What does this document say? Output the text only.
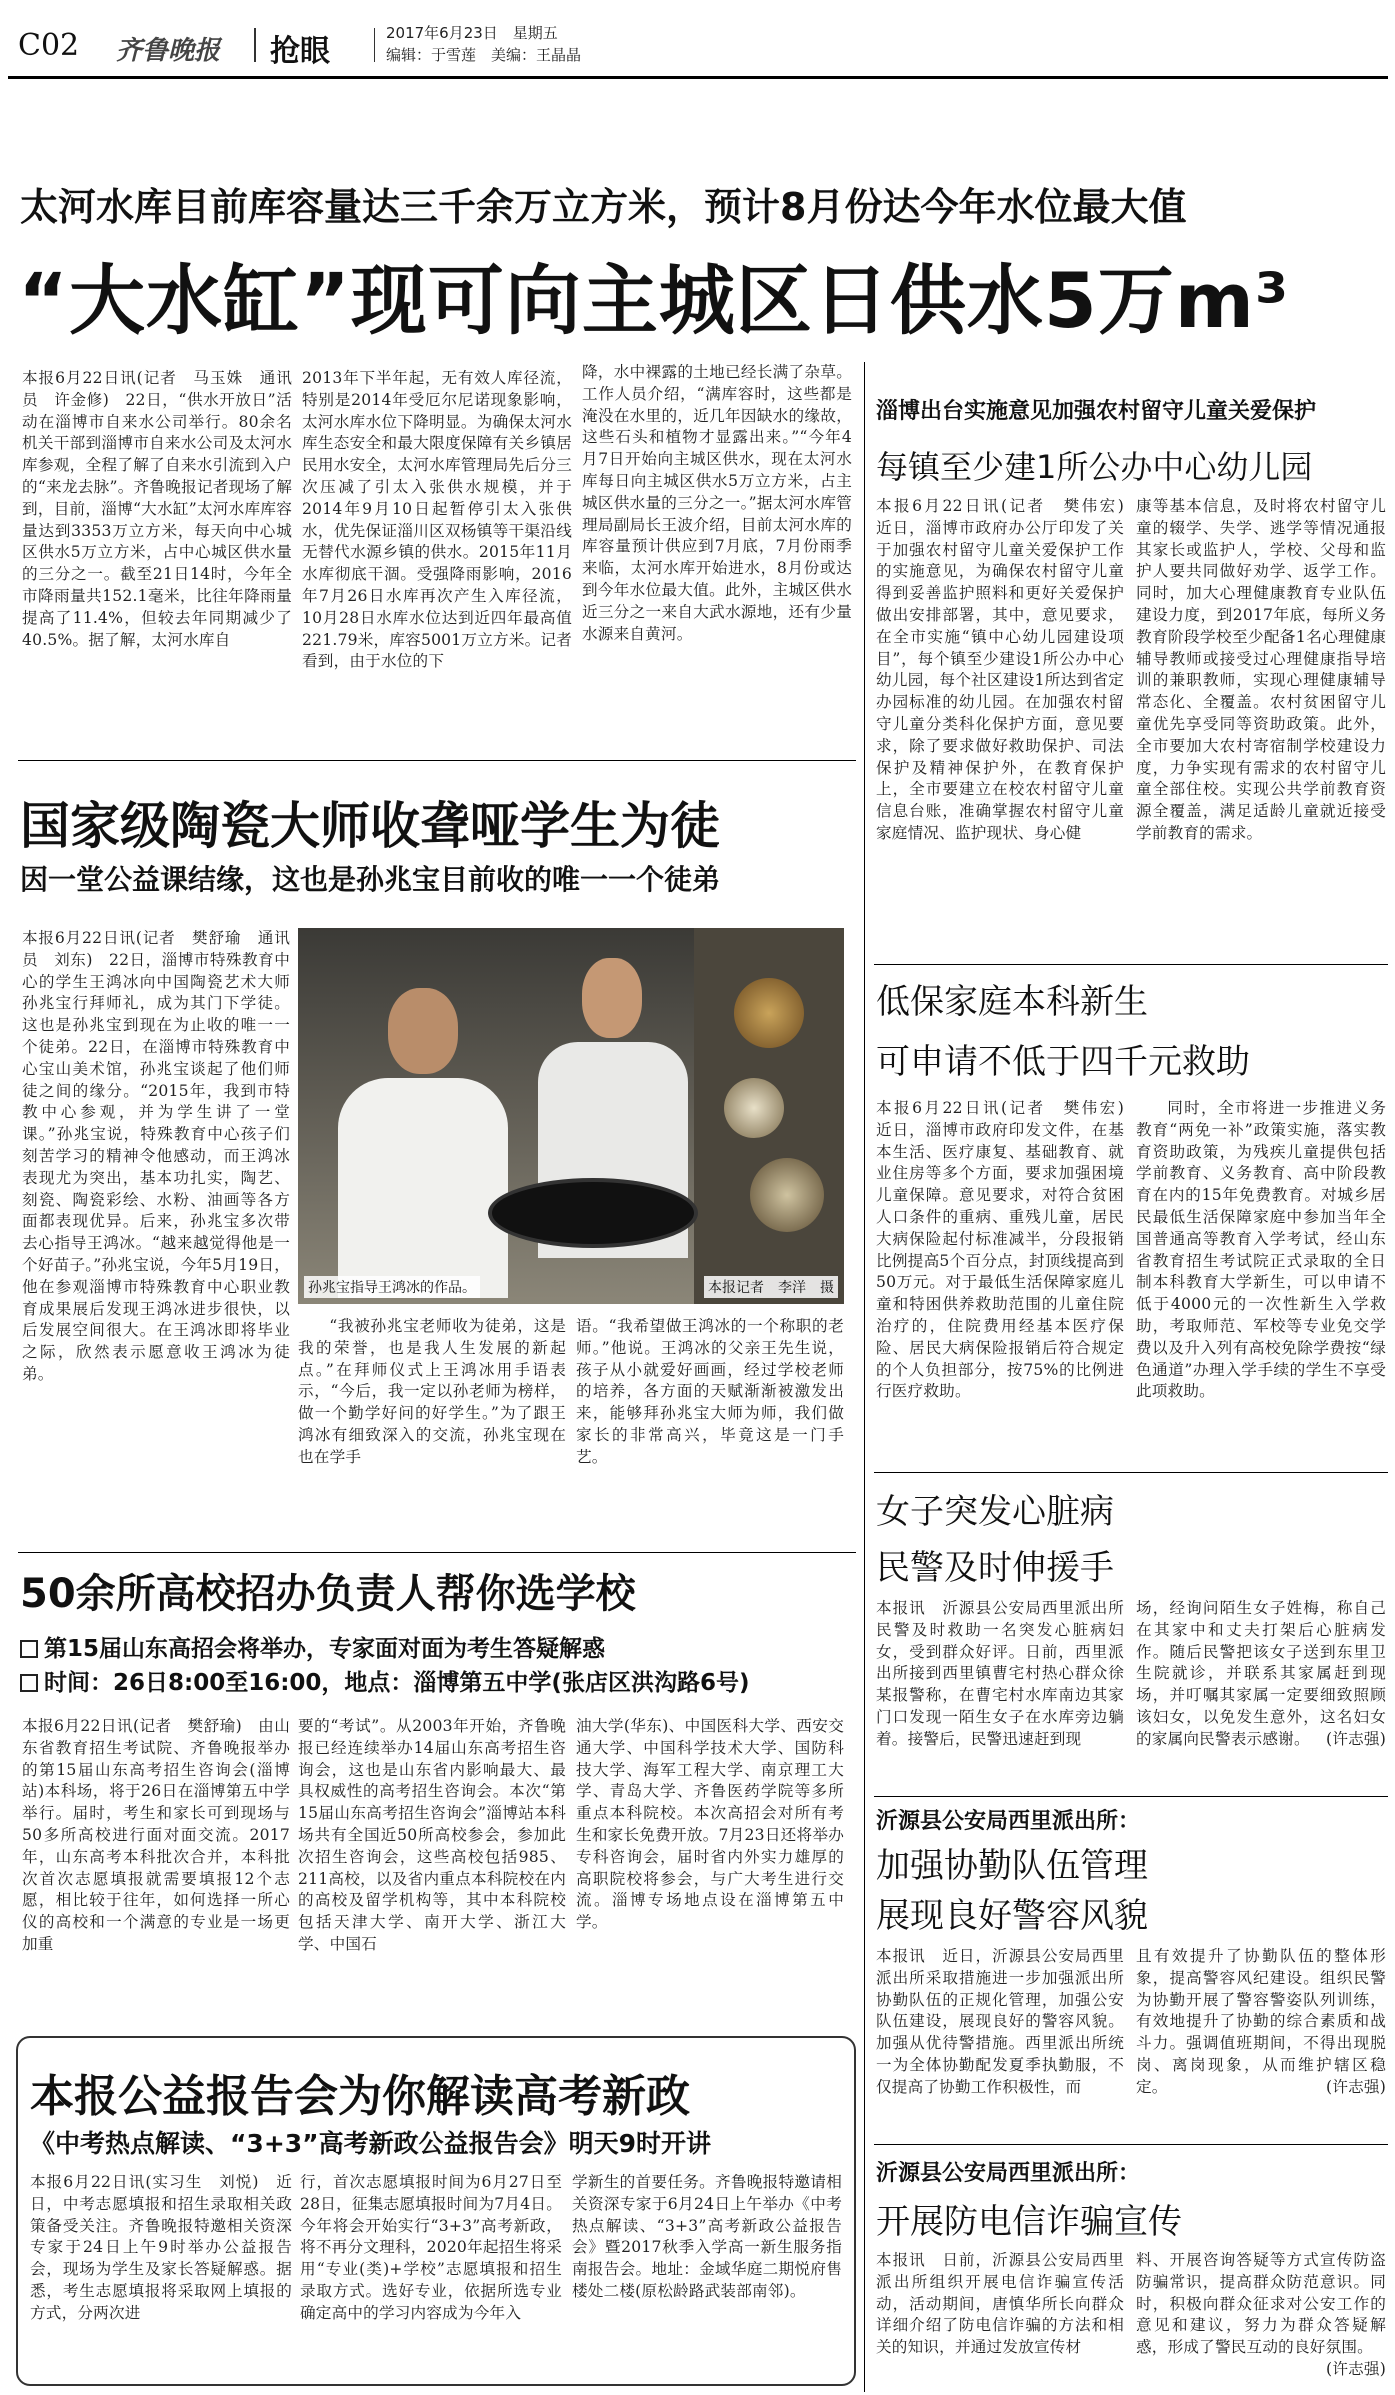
C02 齐鲁晚报 抢眼
2017年6月23日　星期五
编辑：于雪莲　美编：王晶晶
太河水库目前库容量达三千余万立方米，预计8月份达今年水位最大值
“大水缸”现可向主城区日供水5万m³

本报6月22日讯(记者　马玉姝　通讯员　许金修)　22日，“供水开放日”活动在淄博市自来水公司举行。80余名机关干部到淄博市自来水公司及太河水库参观，全程了解了自来水引流到入户的“来龙去脉”。齐鲁晚报记者现场了解到，目前，淄博“大水缸”太河水库库容量达到3353万立方米，每天向中心城区供水5万立方米，占中心城区供水量的三分之一。截至21日14时，今年全市降雨量共152.1毫米，比往年降雨量提高了11.4%，但较去年同期减少了40.5%。据了解，太河水库自

2013年下半年起，无有效人库径流，特别是2014年受厄尔尼诺现象影响，太河水库水位下降明显。为确保太河水库生态安全和最大限度保障有关乡镇居民用水安全，太河水库管理局先后分三次压减了引太入张供水规模，并于2014年9月10日起暂停引太入张供水，优先保证淄川区双杨镇等干渠沿线无替代水源乡镇的供水。2015年11月水库彻底干涸。受强降雨影响，2016年7月26日水库再次产生入库径流，10月28日水库水位达到近四年最高值221.79米，库容5001万立方米。记者看到，由于水位的下

降，水中裸露的土地已经长满了杂草。工作人员介绍，“满库容时，这些都是淹没在水里的，近几年因缺水的缘故，这些石头和植物才显露出来。”“今年4月7日开始向主城区供水，现在太河水库每日向主城区供水5万立方米，占主城区供水量的三分之一。”据太河水库管理局副局长王波介绍，目前太河水库的库容量预计供应到7月底，7月份雨季来临，太河水库开始进水，8月份或达到今年水位最大值。此外，主城区供水近三分之一来自大武水源地，还有少量水源来自黄河。

国家级陶瓷大师收聋哑学生为徒
因一堂公益课结缘，这也是孙兆宝目前收的唯一一个徒弟

本报6月22日讯(记者　樊舒瑜　通讯员　刘东)　22日，淄博市特殊教育中心的学生王鸿冰向中国陶瓷艺术大师孙兆宝行拜师礼，成为其门下学徒。这也是孙兆宝到现在为止收的唯一一个徒弟。22日，在淄博市特殊教育中心宝山美术馆，孙兆宝谈起了他们师徒之间的缘分。“2015年，我到市特教中心参观，并为学生讲了一堂课。”孙兆宝说，特殊教育中心孩子们刻苦学习的精神令他感动，而王鸿冰表现尤为突出，基本功扎实，陶艺、刻瓷、陶瓷彩绘、水粉、油画等各方面都表现优异。后来，孙兆宝多次带去心指导王鸿冰。“越来越觉得他是一个好苗子。”孙兆宝说，今年5月19日，他在参观淄博市特殊教育中心职业教育成果展后发现王鸿冰进步很快，以后发展空间很大。在王鸿冰即将毕业之际，欣然表示愿意收王鸿冰为徒弟。

孙兆宝指导王鸿冰的作品。	本报记者　李洋　摄

“我被孙兆宝老师收为徒弟，这是我的荣誉，也是我人生发展的新起点。”在拜师仪式上王鸿冰用手语表示，“今后，我一定以孙老师为榜样，做一个勤学好问的好学生。”为了跟王鸿冰有细致深入的交流，孙兆宝现在也在学手

语。“我希望做王鸿冰的一个称职的老师。”他说。王鸿冰的父亲王先生说，孩子从小就爱好画画，经过学校老师的培养，各方面的天赋渐渐被激发出来，能够拜孙兆宝大师为师，我们做家长的非常高兴，毕竟这是一门手艺。

50余所高校招办负责人帮你选学校
第15届山东高招会将举办，专家面对面为考生答疑解惑
时间：26日8:00至16:00，地点：淄博第五中学(张店区洪沟路6号)

本报6月22日讯(记者　樊舒瑜)　由山东省教育招生考试院、齐鲁晚报举办的第15届山东高考招生咨询会(淄博站)本科场，将于26日在淄博第五中学举行。届时，考生和家长可到现场与50多所高校进行面对面交流。2017年，山东高考本科批次合并，本科批次首次志愿填报就需要填报12个志愿，相比较于往年，如何选择一所心仪的高校和一个满意的专业是一场更加重

要的“考试”。从2003年开始，齐鲁晚报已经连续举办14届山东高考招生咨询会，这也是山东省内影响最大、最具权威性的高考招生咨询会。本次“第15届山东高考招生咨询会”淄博站本科场共有全国近50所高校参会，参加此次招生咨询会，这些高校包括985、211高校，以及省内重点本科院校在内的高校及留学机构等，其中本科院校包括天津大学、南开大学、浙江大学、中国石

油大学(华东)、中国医科大学、西安交通大学、中国科学技术大学、国防科技大学、海军工程大学、南京理工大学、青岛大学、齐鲁医药学院等多所重点本科院校。本次高招会对所有考生和家长免费开放。7月23日还将举办专科咨询会，届时省内外实力雄厚的高职院校将参会，与广大考生进行交流。淄博专场地点设在淄博第五中学。

本报公益报告会为你解读高考新政
《中考热点解读、“3+3”高考新政公益报告会》明天9时开讲

本报6月22日讯(实习生　刘悦)　近日，中考志愿填报和招生录取相关政策备受关注。齐鲁晚报特邀相关资深专家于24日上午9时举办公益报告会，现场为学生及家长答疑解惑。据悉，考生志愿填报将采取网上填报的方式，分两次进

行，首次志愿填报时间为6月27日至28日，征集志愿填报时间为7月4日。今年将会开始实行“3+3”高考新政，将不再分文理科，2020年起招生将采用“专业(类)+学校”志愿填报和招生录取方式。选好专业，依据所选专业确定高中的学习内容成为今年入

学新生的首要任务。齐鲁晚报特邀请相关资深专家于6月24日上午举办《中考热点解读、“3+3”高考新政公益报告会》暨2017秋季入学高一新生服务指南报告会。地址：金域华庭二期悦府售楼处二楼(原松龄路武装部南邻)。

淄博出台实施意见加强农村留守儿童关爱保护
每镇至少建1所公办中心幼儿园

本报6月22日讯(记者　樊伟宏)　近日，淄博市政府办公厅印发了关于加强农村留守儿童关爱保护工作的实施意见，为确保农村留守儿童得到妥善监护照料和更好关爱保护做出安排部署，其中，意见要求，在全市实施“镇中心幼儿园建设项目”，每个镇至少建设1所公办中心幼儿园，每个社区建设1所达到省定办园标准的幼儿园。在加强农村留守儿童分类科化保护方面，意见要求，除了要求做好救助保护、司法保护及精神保护外，在教育保护上，全市要建立在校农村留守儿童信息台账，准确掌握农村留守儿童家庭情况、监护现状、身心健

康等基本信息，及时将农村留守儿童的辍学、失学、逃学等情况通报其家长或监护人，学校、父母和监护人要共同做好劝学、返学工作。同时，加大心理健康教育专业队伍建设力度，到2017年底，每所义务教育阶段学校至少配备1名心理健康辅导教师或接受过心理健康指导培训的兼职教师，实现心理健康辅导常态化、全覆盖。农村贫困留守儿童优先享受同等资助政策。此外，全市要加大农村寄宿制学校建设力度，力争实现有需求的农村留守儿童全部住校。实现公共学前教育资源全覆盖，满足适龄儿童就近接受学前教育的需求。

低保家庭本科新生
可申请不低于四千元救助

本报6月22日讯(记者　樊伟宏)　近日，淄博市政府印发文件，在基本生活、医疗康复、基础教育、就业住房等多个方面，要求加强困境儿童保障。意见要求，对符合贫困人口条件的重病、重残儿童，居民大病保险起付标准减半，分段报销比例提高5个百分点，封顶线提高到50万元。对于最低生活保障家庭儿童和特困供养救助范围的儿童住院治疗的，住院费用经基本医疗保险、居民大病保险报销后符合规定的个人负担部分，按75%的比例进行医疗救助。

同时，全市将进一步推进义务教育“两免一补”政策实施，落实教育资助政策，为残疾儿童提供包括学前教育、义务教育、高中阶段教育在内的15年免费教育。对城乡居民最低生活保障家庭中参加当年全国普通高等教育入学考试，经山东省教育招生考试院正式录取的全日制本科教育大学新生，可以申请不低于4000元的一次性新生入学救助，考取师范、军校等专业免交学费以及升入列有高校免除学费按“绿色通道”办理入学手续的学生不享受此项救助。

女子突发心脏病
民警及时伸援手

本报讯　沂源县公安局西里派出所民警及时救助一名突发心脏病妇女，受到群众好评。日前，西里派出所接到西里镇曹宅村热心群众徐某报警称，在曹宅村水库南边其家门口发现一陌生女子在水库旁边躺着。接警后，民警迅速赶到现

场，经询问陌生女子姓梅，称自己在其家中和丈夫打架后心脏病发作。随后民警把该女子送到东里卫生院就诊，并联系其家属赶到现场，并叮嘱其家属一定要细致照顾该妇女，以免发生意外，这名妇女的家属向民警表示感谢。 (许志强)

沂源县公安局西里派出所：
加强协勤队伍管理
展现良好警容风貌

本报讯　近日，沂源县公安局西里派出所采取措施进一步加强派出所协勤队伍的正规化管理，加强公安队伍建设，展现良好的警容风貌。加强从优待警措施。西里派出所统一为全体协勤配发夏季执勤服，不仅提高了协勤工作积极性，而

且有效提升了协勤队伍的整体形象，提高警容风纪建设。组织民警为协勤开展了警容警姿队列训练，有效地提升了协勤的综合素质和战斗力。强调值班期间，不得出现脱岗、离岗现象，从而维护辖区稳定。	(许志强)

沂源县公安局西里派出所：
开展防电信诈骗宣传

本报讯　日前，沂源县公安局西里派出所组织开展电信诈骗宣传活动，活动期间，唐慎华所长向群众详细介绍了防电信诈骗的方法和相关的知识，并通过发放宣传材

料、开展咨询答疑等方式宣传防盗防骗常识，提高群众防范意识。同时，积极向群众征求对公安工作的意见和建议，努力为群众答疑解惑，形成了警民互动的良好氛围。
(许志强)
